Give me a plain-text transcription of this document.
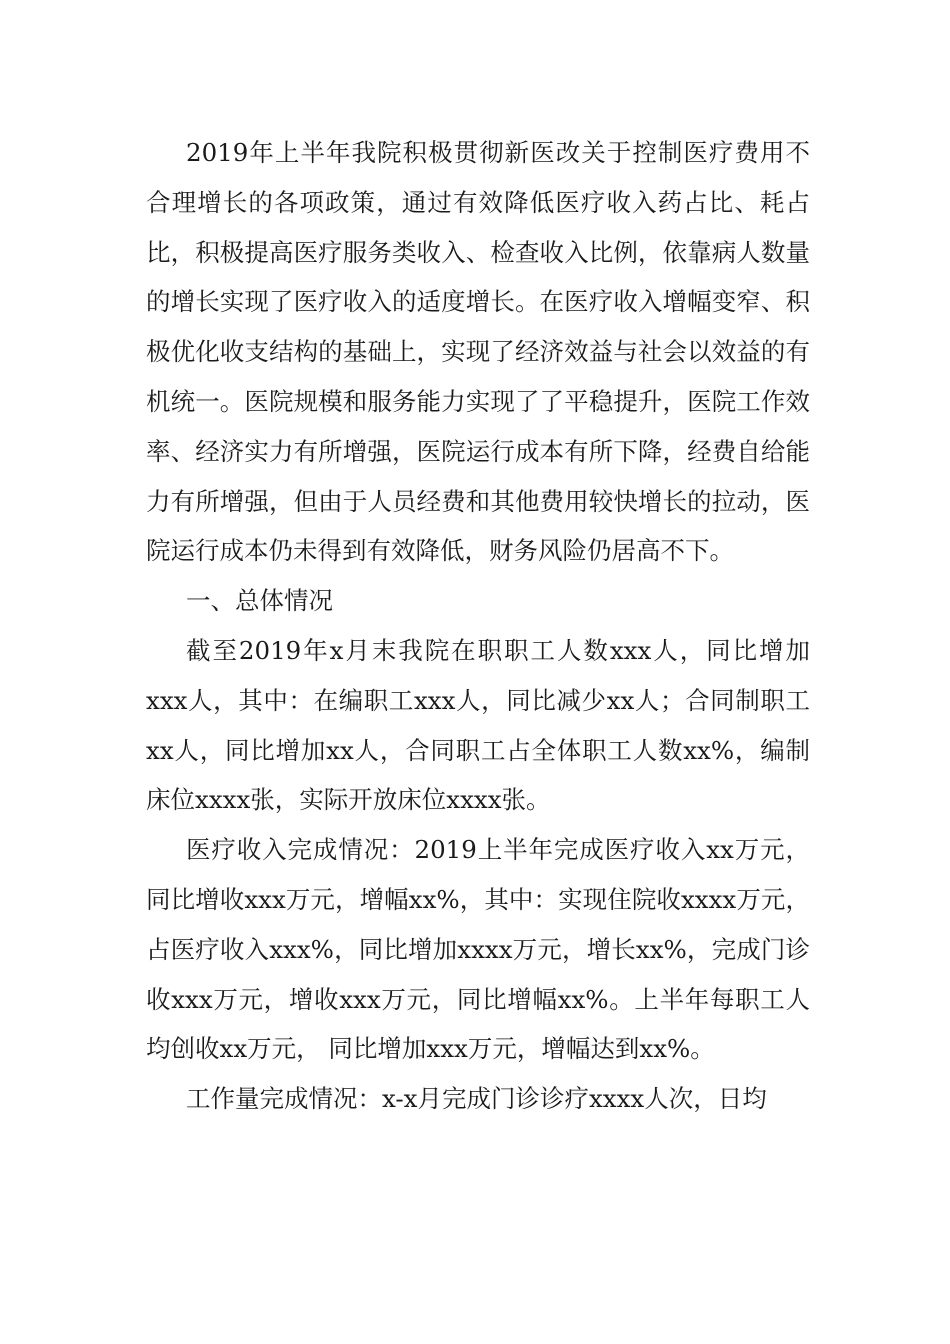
2019年上半年我院积极贯彻新医改关于控制医疗费用不合理增长的各项政策，通过有效降低医疗收入药占比、耗占比，积极提高医疗服务类收入、检查收入比例，依靠病人数量的增长实现了医疗收入的适度增长。在医疗收入增幅变窄、积极优化收支结构的基础上，实现了经济效益与社会以效益的有机统一。医院规模和服务能力实现了了平稳提升，医院工作效率、经济实力有所增强，医院运行成本有所下降，经费自给能力有所增强，但由于人员经费和其他费用较快增长的拉动，医院运行成本仍未得到有效降低，财务风险仍居高不下。

一、总体情况

截至2019年x月末我院在职职工人数xxx人，同比增加xxx人，其中：在编职工xxx人，同比减少xx人；合同制职工xx人，同比增加xx人，合同职工占全体职工人数xx%，编制床位xxxx张，实际开放床位xxxx张。

医疗收入完成情况：2019上半年完成医疗收入xx万元，同比增收xxx万元，增幅xx%，其中：实现住院收xxxx万元，占医疗收入xxx%，同比增加xxxx万元，增长xx%，完成门诊收xxx万元，增收xxx万元，同比增幅xx%。上半年每职工人均创收xx万元， 同比增加xxx万元，增幅达到xx%。

工作量完成情况：x-x月完成门诊诊疗xxxx人次，日均
